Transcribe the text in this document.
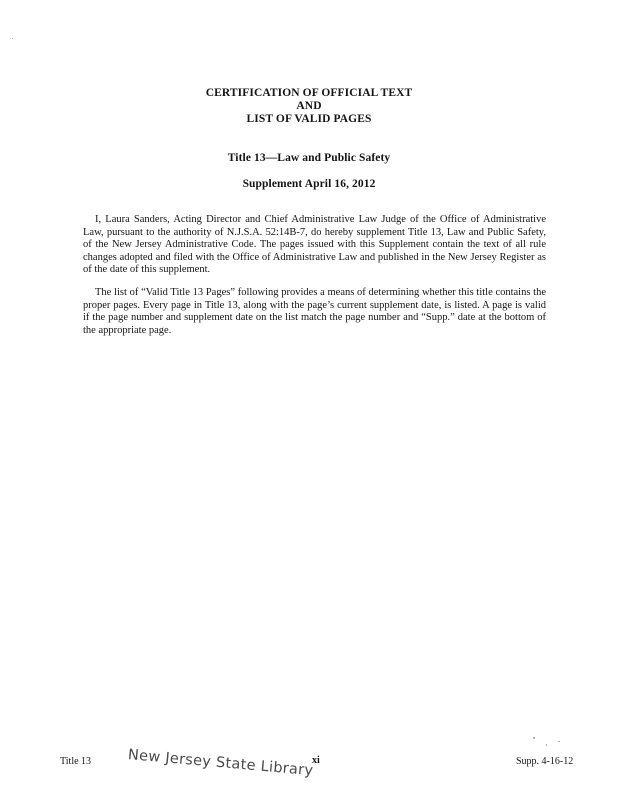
CERTIFICATION OF OFFICIAL TEXT
AND
LIST OF VALID PAGES
Title 13—Law and Public Safety
Supplement April 16, 2012

I, Laura Sanders, Acting Director and Chief Administrative Law Judge of the Office of Administrative Law, pursuant to the authority of N.J.S.A. 52:14B-7, do hereby supplement Title 13, Law and Public Safety, of the New Jersey Administrative Code. The pages issued with this Supplement contain the text of all rule changes adopted and filed with the Office of Administrative Law and published in the New Jersey Register as of the date of this supplement.

The list of “Valid Title 13 Pages” following provides a means of determining whether this title contains the proper pages. Every page in Title 13, along with the page’s current supplement date, is listed. A page is valid if the page number and supplement date on the list match the page number and “Supp.” date at the bottom of the appropriate page.

Title 13	New Jersey State Library
xi	Supp. 4-16-12
